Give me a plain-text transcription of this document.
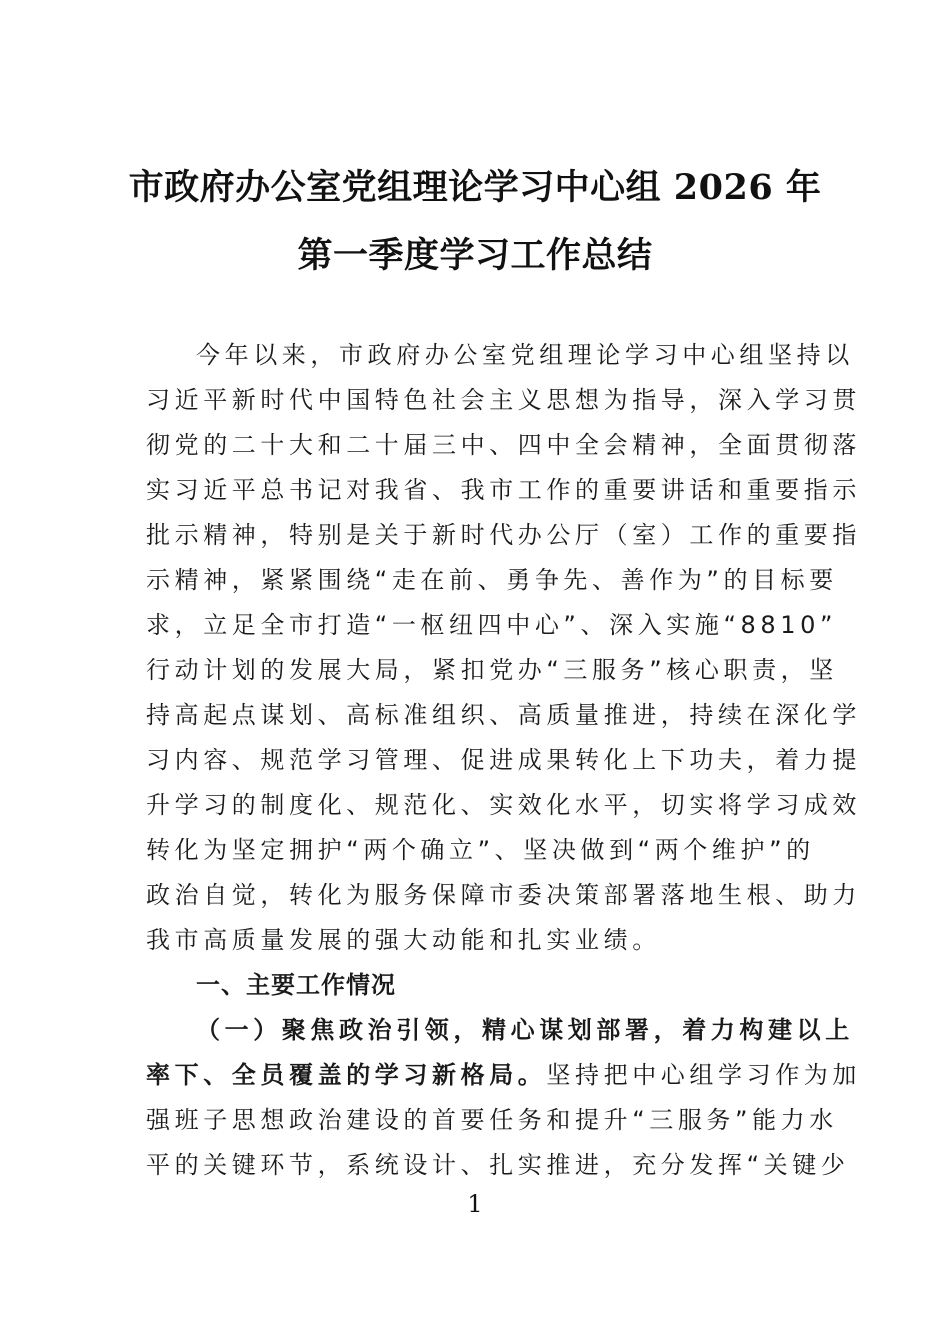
市政府办公室党组理论学习中心组 2026 年
第一季度学习工作总结
今年以来，市政府办公室党组理论学习中心组坚持以
习近平新时代中国特色社会主义思想为指导，深入学习贯
彻党的二十大和二十届三中、四中全会精神，全面贯彻落
实习近平总书记对我省、我市工作的重要讲话和重要指示
批示精神，特别是关于新时代办公厅（室）工作的重要指
示精神，紧紧围绕“走在前、勇争先、善作为”的目标要
求，立足全市打造“一枢纽四中心”、深入实施“8810”
行动计划的发展大局，紧扣党办“三服务”核心职责，坚
持高起点谋划、高标准组织、高质量推进，持续在深化学
习内容、规范学习管理、促进成果转化上下功夫，着力提
升学习的制度化、规范化、实效化水平，切实将学习成效
转化为坚定拥护“两个确立”、坚决做到“两个维护”的
政治自觉，转化为服务保障市委决策部署落地生根、助力
我市高质量发展的强大动能和扎实业绩。
一、主要工作情况
（一）聚焦政治引领，精心谋划部署，着力构建以上
率下、全员覆盖的学习新格局。坚持把中心组学习作为加
强班子思想政治建设的首要任务和提升“三服务”能力水
平的关键环节，系统设计、扎实推进，充分发挥“关键少
1
